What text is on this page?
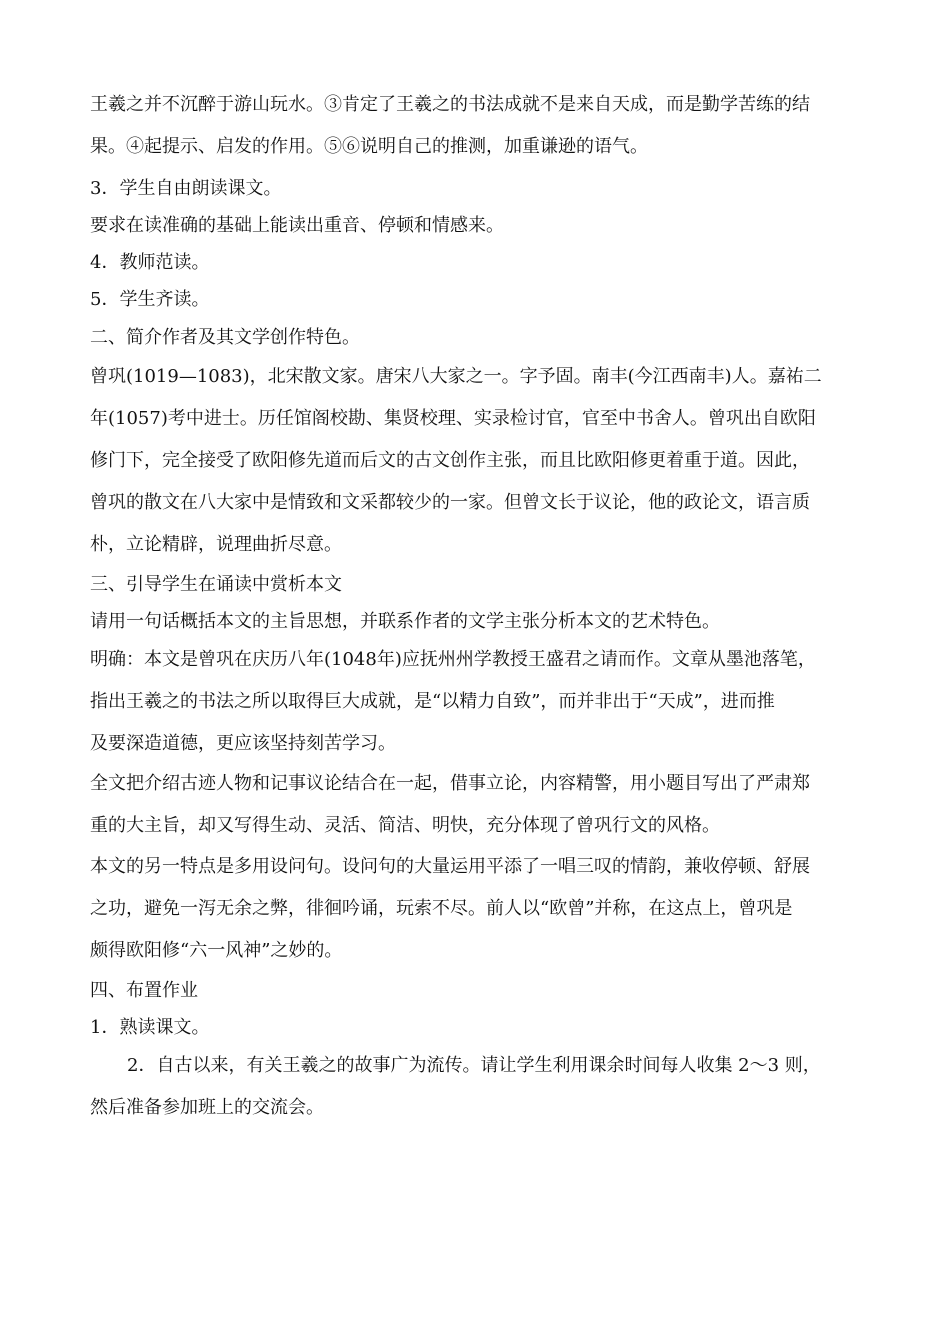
王羲之并不沉醉于游山玩水。③肯定了王羲之的书法成就不是来自天成，而是勤学苦练的结

果。④起提示、启发的作用。⑤⑥说明自己的推测，加重谦逊的语气。

3．学生自由朗读课文。

要求在读准确的基础上能读出重音、停顿和情感来。

4．教师范读。

5．学生齐读。

二、简介作者及其文学创作特色。

曾巩(1019—1083)，北宋散文家。唐宋八大家之一。字予固。南丰(今江西南丰)人。嘉祐二

年(1057)考中进士。历任馆阁校勘、集贤校理、实录检讨官，官至中书舍人。曾巩出自欧阳

修门下，完全接受了欧阳修先道而后文的古文创作主张，而且比欧阳修更着重于道。因此，

曾巩的散文在八大家中是情致和文采都较少的一家。但曾文长于议论，他的政论文，语言质

朴，立论精辟，说理曲折尽意。

三、引导学生在诵读中赏析本文

请用一句话概括本文的主旨思想，并联系作者的文学主张分析本文的艺术特色。

明确：本文是曾巩在庆历八年(1048年)应抚州州学教授王盛君之请而作。文章从墨池落笔，

指出王羲之的书法之所以取得巨大成就，是“以精力自致”，而并非出于“天成”，进而推

及要深造道德，更应该坚持刻苦学习。

全文把介绍古迹人物和记事议论结合在一起，借事立论，内容精警，用小题目写出了严肃郑

重的大主旨，却又写得生动、灵活、简洁、明快，充分体现了曾巩行文的风格。

本文的另一特点是多用设问句。设问句的大量运用平添了一唱三叹的情韵，兼收停顿、舒展

之功，避免一泻无余之弊，徘徊吟诵，玩索不尽。前人以“欧曾”并称，在这点上，曾巩是

颇得欧阳修“六一风神”之妙的。

四、布置作业

1．熟读课文。

2．自古以来，有关王羲之的故事广为流传。请让学生利用课余时间每人收集 2～3 则，

然后准备参加班上的交流会。
